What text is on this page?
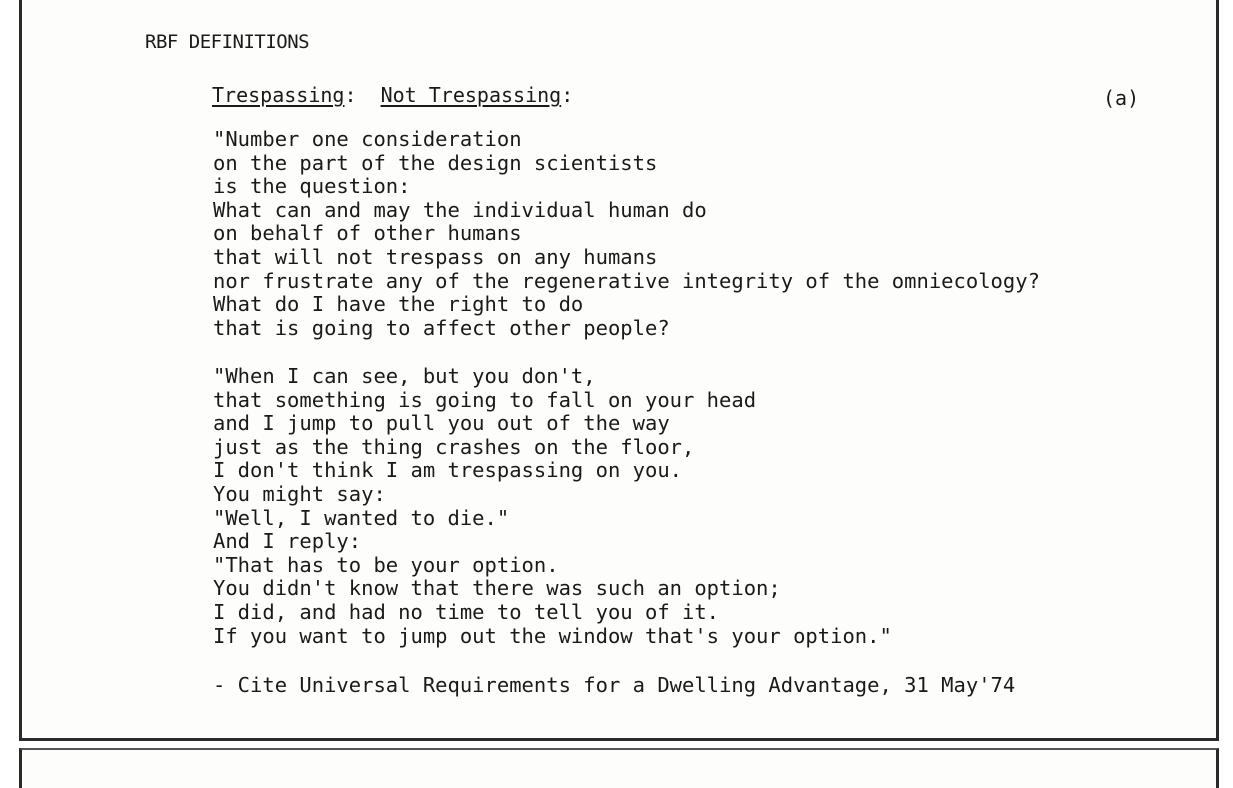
RBF DEFINITIONS
Trespassing:  Not Trespassing:	(a)
"Number one consideration
on the part of the design scientists
is the question:
What can and may the individual human do
on behalf of other humans
that will not trespass on any humans
nor frustrate any of the regenerative integrity of the omniecology?
What do I have the right to do
that is going to affect other people?
"When I can see, but you don't,
that something is going to fall on your head
and I jump to pull you out of the way
just as the thing crashes on the floor,
I don't think I am trespassing on you.
You might say:
"Well, I wanted to die."
And I reply:
"That has to be your option.
You didn't know that there was such an option;
I did, and had no time to tell you of it.
If you want to jump out the window that's your option."
- Cite Universal Requirements for a Dwelling Advantage, 31 May'74
